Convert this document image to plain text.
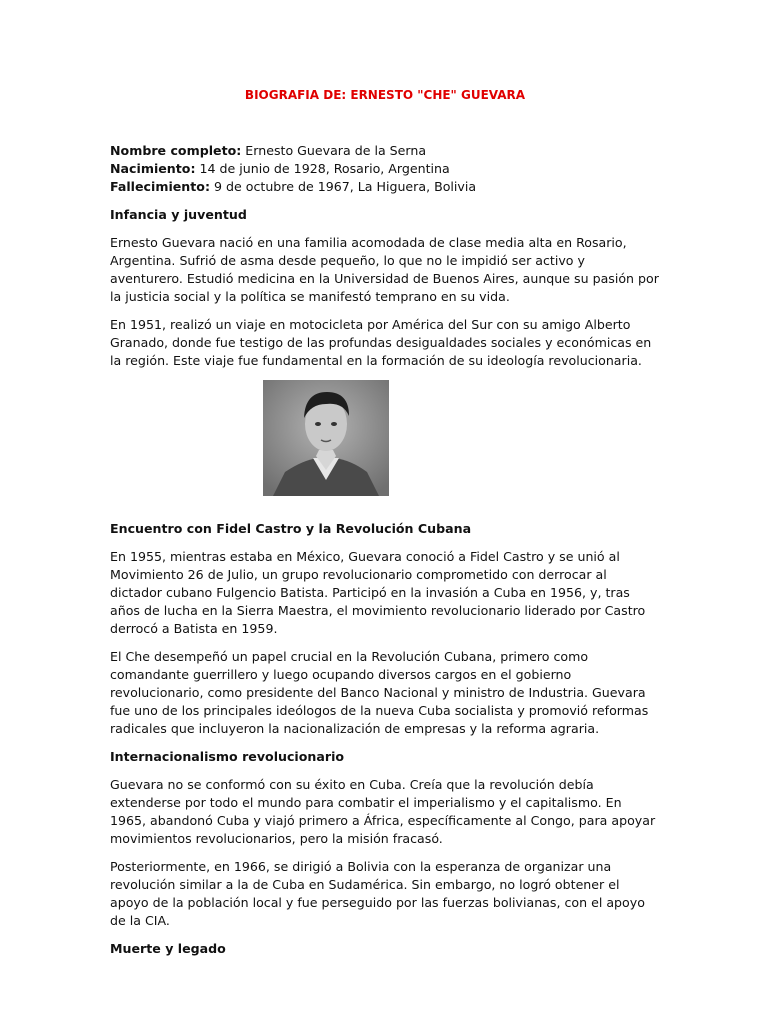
BIOGRAFIA DE: ERNESTO "CHE" GUEVARA
Nombre completo: Ernesto Guevara de la Serna
Nacimiento: 14 de junio de 1928, Rosario, Argentina
Fallecimiento: 9 de octubre de 1967, La Higuera, Bolivia
Infancia y juventud

Ernesto Guevara nació en una familia acomodada de clase media alta en Rosario, Argentina. Sufrió de asma desde pequeño, lo que no le impidió ser activo y aventurero. Estudió medicina en la Universidad de Buenos Aires, aunque su pasión por la justicia social y la política se manifestó temprano en su vida.

En 1951, realizó un viaje en motocicleta por América del Sur con su amigo Alberto Granado, donde fue testigo de las profundas desigualdades sociales y económicas en la región. Este viaje fue fundamental en la formación de su ideología revolucionaria.

Encuentro con Fidel Castro y la Revolución Cubana

En 1955, mientras estaba en México, Guevara conoció a Fidel Castro y se unió al Movimiento 26 de Julio, un grupo revolucionario comprometido con derrocar al dictador cubano Fulgencio Batista. Participó en la invasión a Cuba en 1956, y, tras años de lucha en la Sierra Maestra, el movimiento revolucionario liderado por Castro derrocó a Batista en 1959.

El Che desempeñó un papel crucial en la Revolución Cubana, primero como comandante guerrillero y luego ocupando diversos cargos en el gobierno revolucionario, como presidente del Banco Nacional y ministro de Industria. Guevara fue uno de los principales ideólogos de la nueva Cuba socialista y promovió reformas radicales que incluyeron la nacionalización de empresas y la reforma agraria.

Internacionalismo revolucionario

Guevara no se conformó con su éxito en Cuba. Creía que la revolución debía extenderse por todo el mundo para combatir el imperialismo y el capitalismo. En 1965, abandonó Cuba y viajó primero a África, específicamente al Congo, para apoyar movimientos revolucionarios, pero la misión fracasó.

Posteriormente, en 1966, se dirigió a Bolivia con la esperanza de organizar una revolución similar a la de Cuba en Sudamérica. Sin embargo, no logró obtener el apoyo de la población local y fue perseguido por las fuerzas bolivianas, con el apoyo de la CIA.

Muerte y legado
